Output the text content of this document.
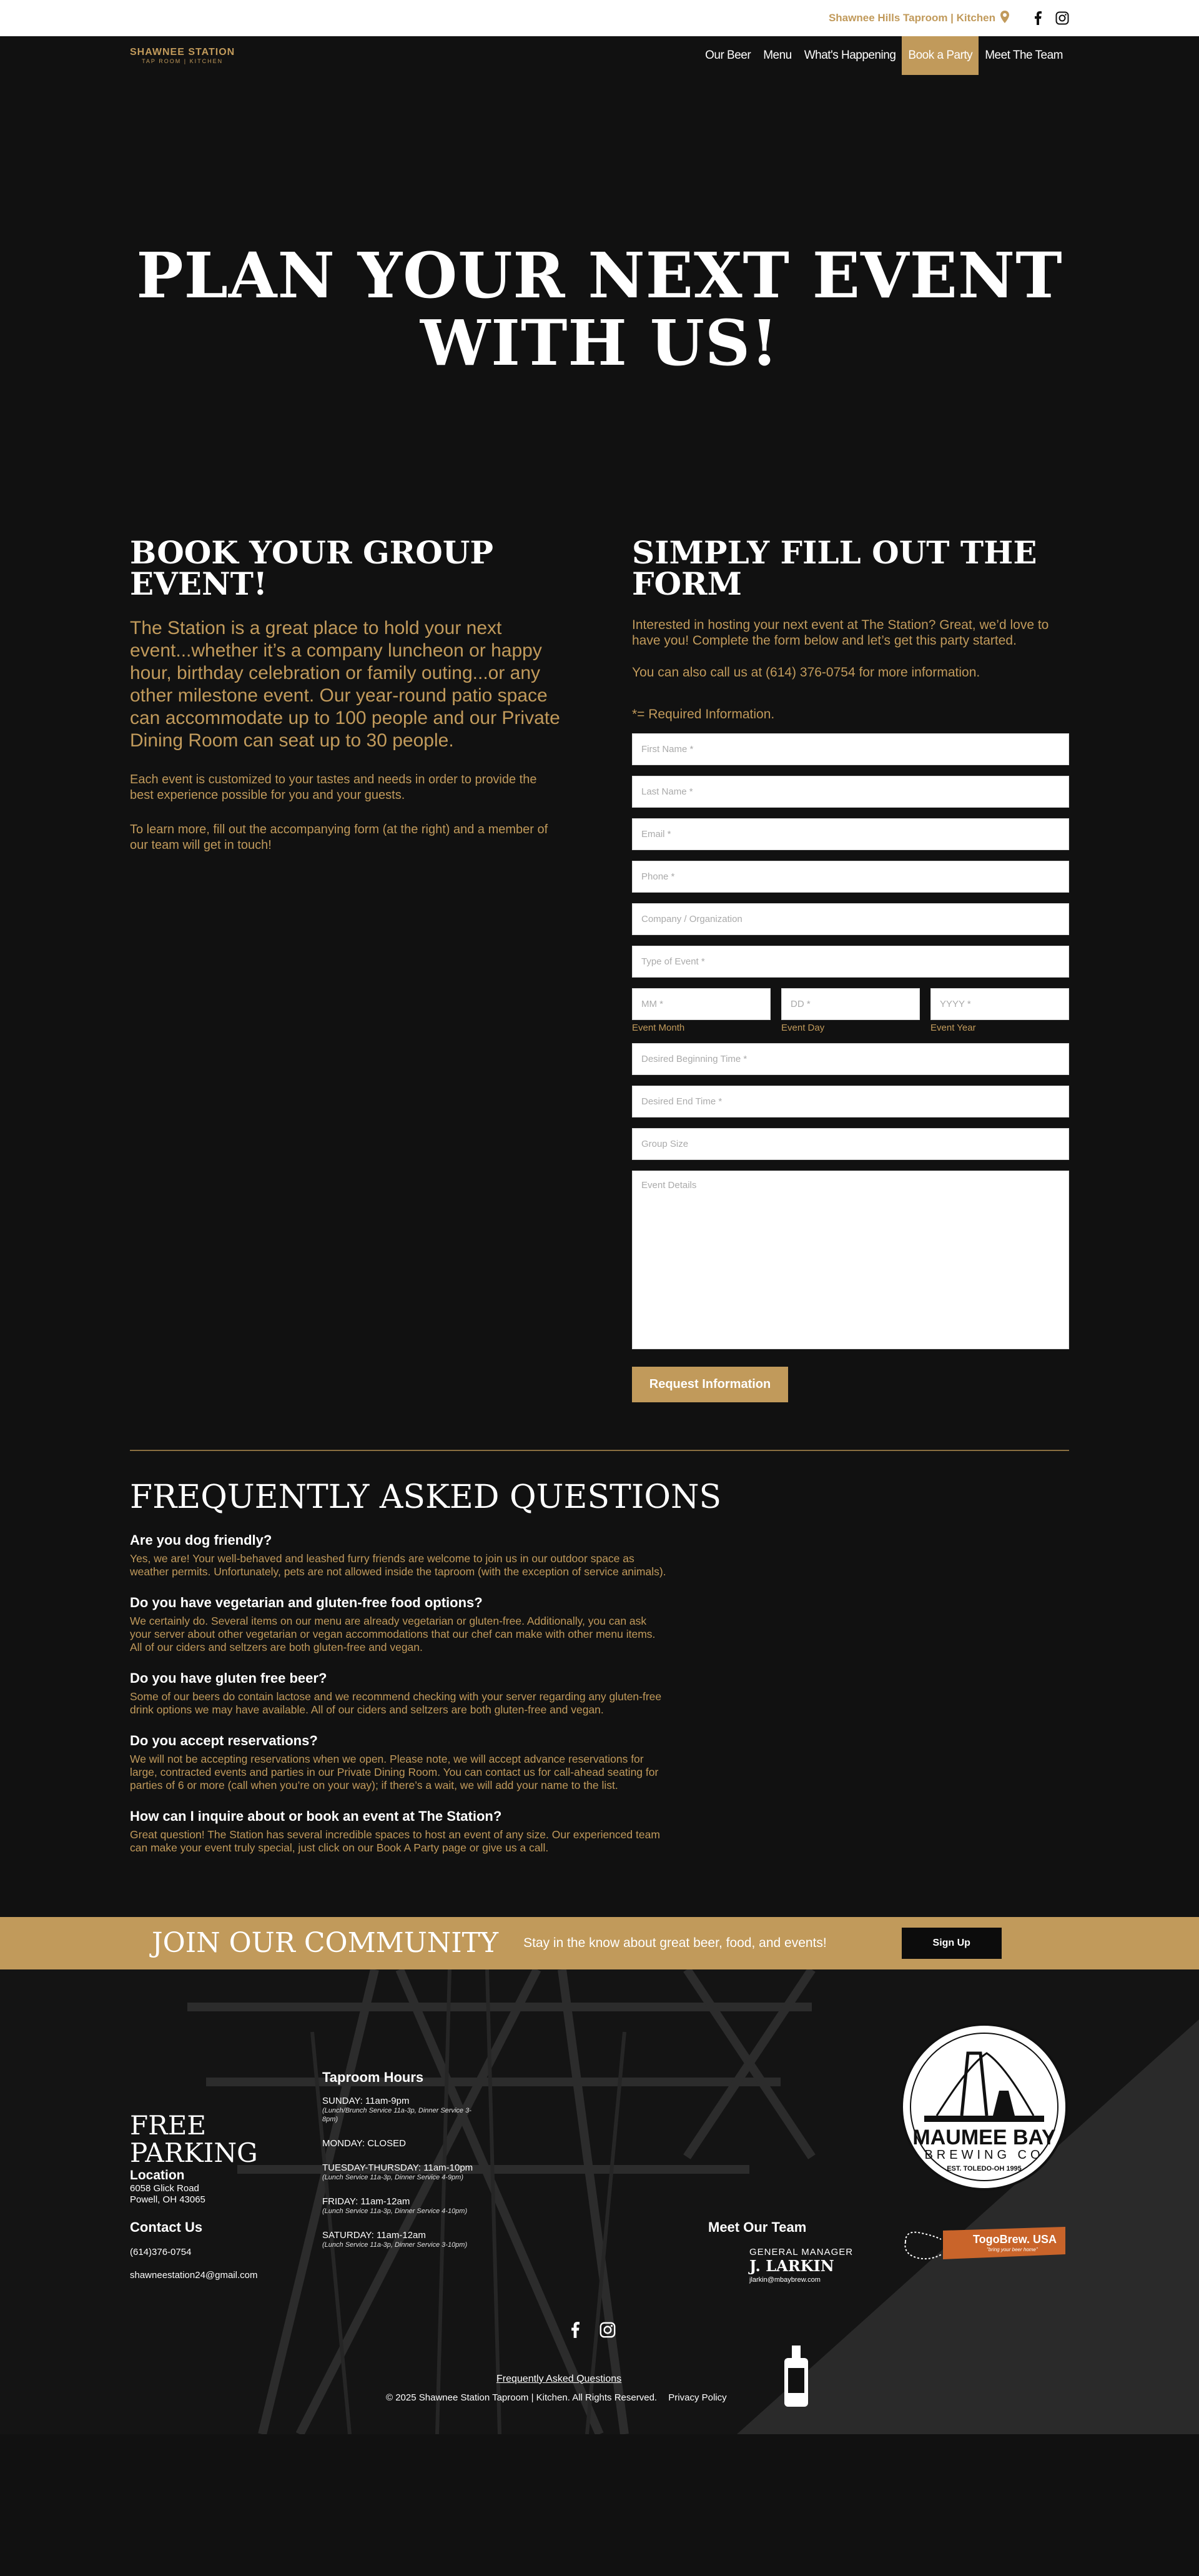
Shawnee Hills Taproom | Kitchen
SHAWNEE STATION
TAP ROOM | KITCHEN	Our Beer	Menu	What's Happening	Book a Party	Meet The Team
PLAN YOUR NEXT EVENT
WITH US!
BOOK YOUR GROUP EVENT!

The Station is a great place to hold your next event...whether it’s a company luncheon or happy hour, birthday celebration or family outing...or any other milestone event. Our year-round patio space can accommodate up to 100 people and our Private Dining Room can seat up to 30 people.

Each event is customized to your tastes and needs in order to provide the best experience possible for you and your guests.

To learn more, fill out the accompanying form (at the right) and a member of our team will get in touch!

SIMPLY FILL OUT THE FORM

Interested in hosting your next event at The Station? Great, we’d love to have you! Complete the form below and let’s get this party started.

You can also call us at (614) 376-0754 for more information.

*= Required Information.

First Name *
Last Name *
Email *
Phone *
Company / Organization
Type of Event *
MM *
Event Month
DD *	Event Day
YYYY *	Event Year
Desired Beginning Time *
Desired End Time *
Group Size
Event Details Request Information
FREQUENTLY ASKED QUESTIONS
Are you dog friendly?

Yes, we are! Your well-behaved and leashed furry friends are welcome to join us in our outdoor space as weather permits. Unfortunately, pets are not allowed inside the taproom (with the exception of service animals).

Do you have vegetarian and gluten-free food options?

We certainly do. Several items on our menu are already vegetarian or gluten-free. Additionally, you can ask your server about other vegetarian or vegan accommodations that our chef can make with other menu items. All of our ciders and seltzers are both gluten-free and vegan.

Do you have gluten free beer?

Some of our beers do contain lactose and we recommend checking with your server regarding any gluten-free drink options we may have available. All of our ciders and seltzers are both gluten-free and vegan.

Do you accept reservations?

We will not be accepting reservations when we open. Please note, we will accept advance reservations for large, contracted events and parties in our Private Dining Room. You can contact us for call-ahead seating for parties of 6 or more (call when you’re on your way); if there’s a wait, we will add your name to the list.

How can I inquire about or book an event at The Station?

Great question! The Station has several incredible spaces to host an event of any size. Our experienced team can make your event truly special, just click on our Book A Party page or give us a call.

JOIN OUR COMMUNITY Stay in the know about great beer, food, and events!	Sign Up
FREE PARKING
Location
6058 Glick Road
Powell, OH 43065
Contact Us
(614)376-0754
shawneestation24@gmail.com
Taproom Hours
SUNDAY: 11am-9pm
(Lunch/Brunch Service 11a-3p, Dinner Service 3-8pm)
MONDAY: CLOSED
TUESDAY-THURSDAY: 11am-10pm
(Lunch Service 11a-3p, Dinner Service 4-9pm)
FRIDAY: 11am-12am
(Lunch Service 11a-3p, Dinner Service 4-10pm)
SATURDAY: 11am-12am
(Lunch Service 11a-3p, Dinner Service 3-10pm)
MAUMEE BAY
BREWING CO
EST. TOLEDO-OH 1995
Meet Our Team
GENERAL MANAGER
J. LARKIN
jlarkin@mbaybrew.com
TogoBrew. USA
"bring your beer home"
Frequently Asked Questions
© 2025 Shawnee Station Taproom | Kitchen. All Rights Reserved. Privacy Policy
